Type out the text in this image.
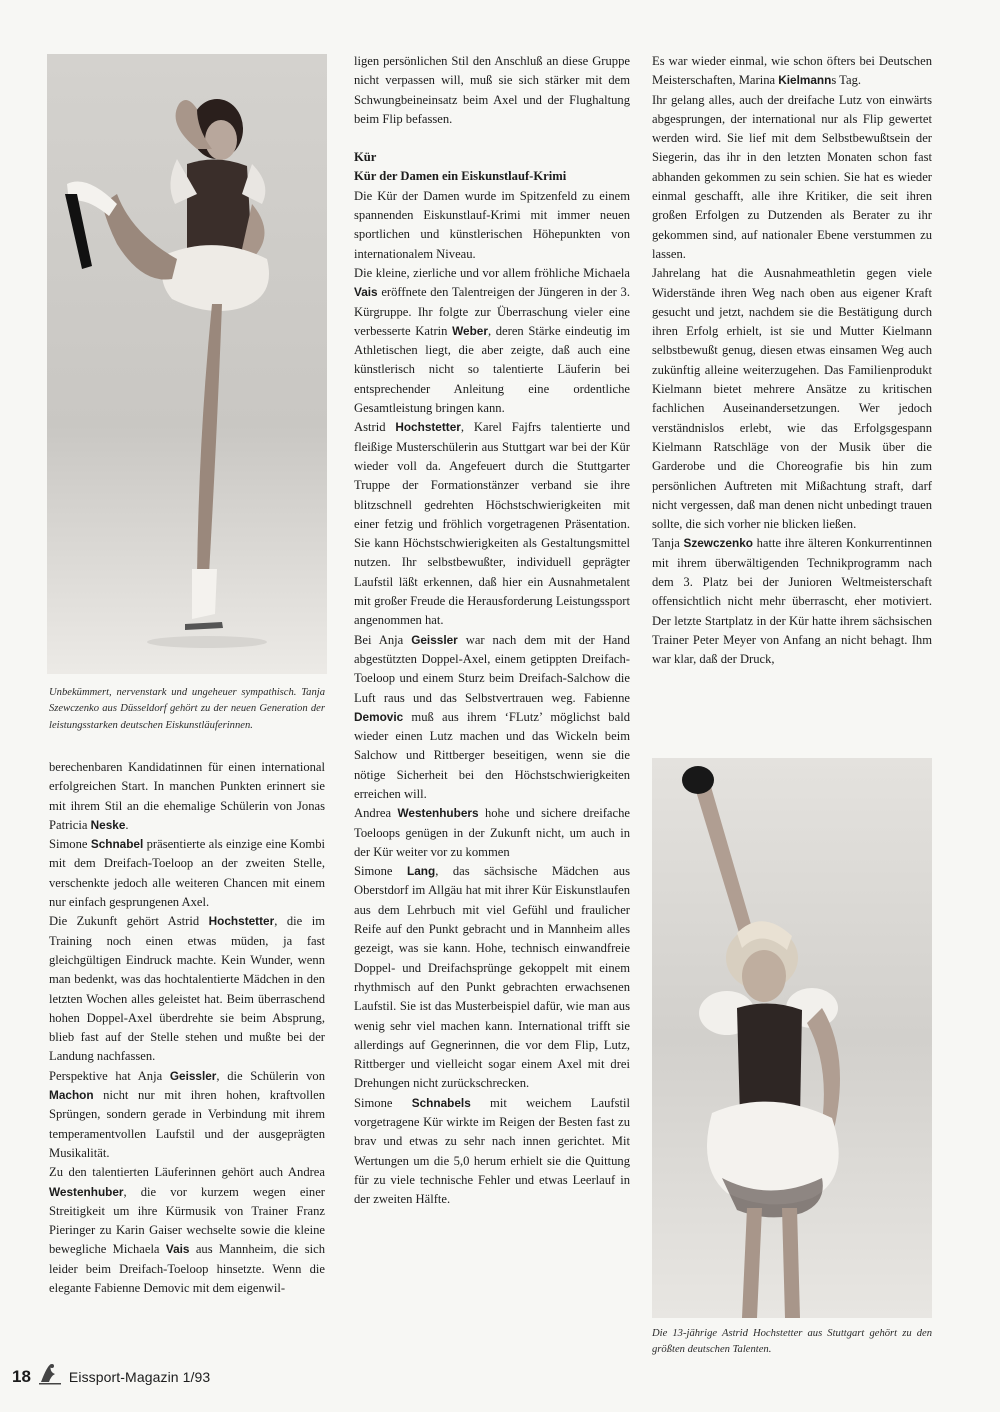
Unbekümmert, nervenstark und ungeheuer sympathisch. Tanja Szewczenko aus Düsseldorf gehört zu der neuen Generation der leistungsstarken deutschen Eiskunstläuferinnen.

berechenbaren Kandidatinnen für einen international erfolgreichen Start. In manchen Punkten erinnert sie mit ihrem Stil an die ehemalige Schülerin von Jonas Patricia Neske.

Simone Schnabel präsentierte als einzige eine Kombi mit dem Dreifach-Toeloop an der zweiten Stelle, verschenkte jedoch alle weiteren Chancen mit einem nur einfach gesprungenen Axel.

Die Zukunft gehört Astrid Hochstetter, die im Training noch einen etwas müden, ja fast gleichgültigen Eindruck machte. Kein Wunder, wenn man bedenkt, was das hochtalentierte Mädchen in den letzten Wochen alles geleistet hat. Beim überraschend hohen Doppel-Axel überdrehte sie beim Absprung, blieb fast auf der Stelle stehen und mußte bei der Landung nachfassen.

Perspektive hat Anja Geissler, die Schülerin von Machon nicht nur mit ihren hohen, kraftvollen Sprüngen, sondern gerade in Verbindung mit ihrem temperamentvollen Laufstil und der ausgeprägten Musikalität.

Zu den talentierten Läuferinnen gehört auch Andrea Westenhuber, die vor kurzem wegen einer Streitigkeit um ihre Kürmusik von Trainer Franz Pieringer zu Karin Gaiser wechselte sowie die kleine bewegliche Michaela Vais aus Mannheim, die sich leider beim Dreifach-Toeloop hinsetzte. Wenn die elegante Fabienne Demovic mit dem eigenwil-

ligen persönlichen Stil den Anschluß an diese Gruppe nicht verpassen will, muß sie sich stärker mit dem Schwungbeineinsatz beim Axel und der Flughaltung beim Flip befassen.

Kür

Kür der Damen ein Eiskunstlauf-Krimi

Die Kür der Damen wurde im Spitzenfeld zu einem spannenden Eiskunstlauf-Krimi mit immer neuen sportlichen und künstlerischen Höhepunkten von internationalem Niveau.

Die kleine, zierliche und vor allem fröhliche Michaela Vais eröffnete den Talentreigen der Jüngeren in der 3. Kürgruppe. Ihr folgte zur Überraschung vieler eine verbesserte Katrin Weber, deren Stärke eindeutig im Athletischen liegt, die aber zeigte, daß auch eine künstlerisch nicht so talentierte Läuferin bei entsprechender Anleitung eine ordentliche Gesamtleistung bringen kann.

Astrid Hochstetter, Karel Fajfrs talentierte und fleißige Musterschülerin aus Stuttgart war bei der Kür wieder voll da. Angefeuert durch die Stuttgarter Truppe der Formationstänzer verband sie ihre blitzschnell gedrehten Höchstschwierigkeiten mit einer fetzig und fröhlich vorgetragenen Präsentation. Sie kann Höchstschwierigkeiten als Gestaltungsmittel nutzen. Ihr selbstbewußter, individuell geprägter Laufstil läßt erkennen, daß hier ein Ausnahmetalent mit großer Freude die Herausforderung Leistungssport angenommen hat.

Bei Anja Geissler war nach dem mit der Hand abgestützten Doppel-Axel, einem getippten Dreifach-Toeloop und einem Sturz beim Dreifach-Salchow die Luft raus und das Selbstvertrauen weg. Fabienne Demovic muß aus ihrem ‘FLutz’ möglichst bald wieder einen Lutz machen und das Wickeln beim Salchow und Rittberger beseitigen, wenn sie die nötige Sicherheit bei den Höchstschwierigkeiten erreichen will.

Andrea Westenhubers hohe und sichere dreifache Toeloops genügen in der Zukunft nicht, um auch in der Kür weiter vor zu kommen

Simone Lang, das sächsische Mädchen aus Oberstdorf im Allgäu hat mit ihrer Kür Eiskunstlaufen aus dem Lehrbuch mit viel Gefühl und fraulicher Reife auf den Punkt gebracht und in Mannheim alles gezeigt, was sie kann. Hohe, technisch einwandfreie Doppel- und Dreifachsprünge gekoppelt mit einem rhythmisch auf den Punkt gebrachten erwachsenen Laufstil. Sie ist das Musterbeispiel dafür, wie man aus wenig sehr viel machen kann. International trifft sie allerdings auf Gegnerinnen, die vor dem Flip, Lutz, Rittberger und vielleicht sogar einem Axel mit drei Drehungen nicht zurückschrecken.

Simone Schnabels mit weichem Laufstil vorgetragene Kür wirkte im Reigen der Besten fast zu brav und etwas zu sehr nach innen gerichtet. Mit Wertungen um die 5,0 herum erhielt sie die Quittung für zu viele technische Fehler und etwas Leerlauf in der zweiten Hälfte.

Es war wieder einmal, wie schon öfters bei Deutschen Meisterschaften, Marina Kielmanns Tag.

Ihr gelang alles, auch der dreifache Lutz von einwärts abgesprungen, der international nur als Flip gewertet werden wird. Sie lief mit dem Selbstbewußtsein der Siegerin, das ihr in den letzten Monaten schon fast abhanden gekommen zu sein schien. Sie hat es wieder einmal geschafft, alle ihre Kritiker, die seit ihren großen Erfolgen zu Dutzenden als Berater zu ihr gekommen sind, auf nationaler Ebene verstummen zu lassen.

Jahrelang hat die Ausnahmeathletin gegen viele Widerstände ihren Weg nach oben aus eigener Kraft gesucht und jetzt, nachdem sie die Bestätigung durch ihren Erfolg erhielt, ist sie und Mutter Kielmann selbstbewußt genug, diesen etwas einsamen Weg auch zukünftig alleine weiterzugehen. Das Familienprodukt Kielmann bietet mehrere Ansätze zu kritischen fachlichen Auseinandersetzungen. Wer jedoch verständnislos erlebt, wie das Erfolgsgespann Kielmann Ratschläge von der Musik über die Garderobe und die Choreografie bis hin zum persönlichen Auftreten mit Mißachtung straft, darf nicht vergessen, daß man denen nicht unbedingt trauen sollte, die sich vorher nie blicken ließen.

Tanja Szewczenko hatte ihre älteren Konkurrentinnen mit ihrem überwältigenden Technikprogramm nach dem 3. Platz bei der Junioren Weltmeisterschaft offensichtlich nicht mehr überrascht, eher motiviert. Der letzte Startplatz in der Kür hatte ihrem sächsischen Trainer Peter Meyer von Anfang an nicht behagt. Ihm war klar, daß der Druck,

Die 13-jährige Astrid Hochstetter aus Stuttgart gehört zu den größten deutschen Talenten.
18	Eissport-Magazin 1/93
